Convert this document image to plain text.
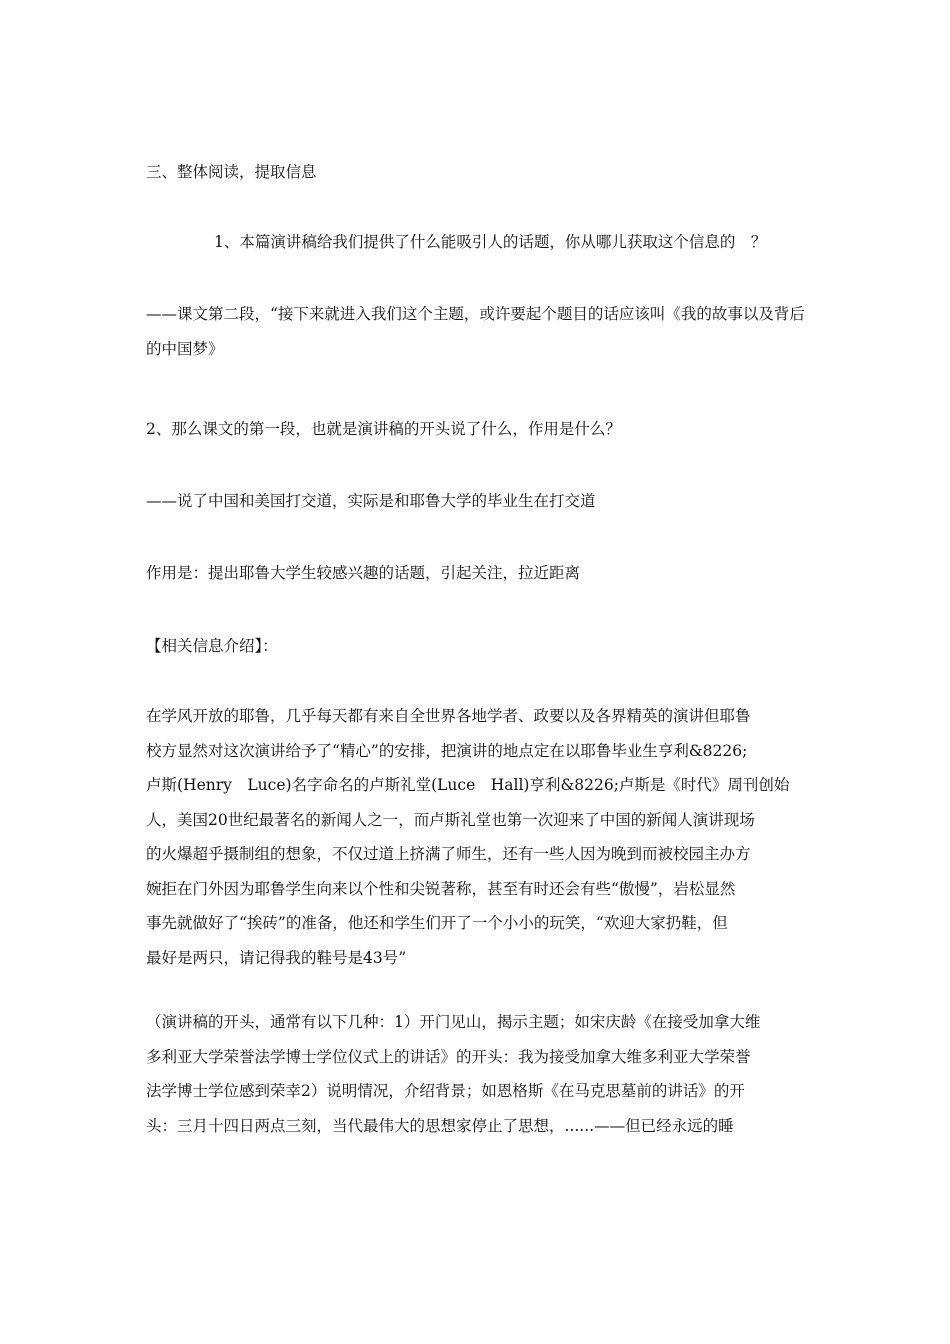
三、整体阅读，提取信息

1、本篇演讲稿给我们提供了什么能吸引人的话题，你从哪儿获取这个信息的　？

——课文第二段，“接下来就进入我们这个主题，或许要起个题目的话应该叫《我的故事以及背后的中国梦》

2、那么课文的第一段，也就是演讲稿的开头说了什么，作用是什么？

——说了中国和美国打交道，实际是和耶鲁大学的毕业生在打交道

作用是：提出耶鲁大学生较感兴趣的话题，引起关注，拉近距离

【相关信息介绍】：

在学风开放的耶鲁，几乎每天都有来自全世界各地学者、政要以及各界精英的演讲但耶鲁

校方显然对这次演讲给予了“精心”的安排，把演讲的地点定在以耶鲁毕业生亨利&8226;

卢斯(Henry　Luce)名字命名的卢斯礼堂(Luce　Hall)亨利&8226;卢斯是《时代》周刊创始

人，美国20世纪最著名的新闻人之一，而卢斯礼堂也第一次迎来了中国的新闻人演讲现场

的火爆超乎摄制组的想象，不仅过道上挤满了师生，还有一些人因为晚到而被校园主办方

婉拒在门外因为耶鲁学生向来以个性和尖锐著称，甚至有时还会有些“傲慢”，岩松显然

事先就做好了“挨砖”的准备，他还和学生们开了一个小小的玩笑，“欢迎大家扔鞋，但

最好是两只，请记得我的鞋号是43号”

（演讲稿的开头，通常有以下几种：1）开门见山，揭示主题；如宋庆龄《在接受加拿大维

多利亚大学荣誉法学博士学位仪式上的讲话》的开头：我为接受加拿大维多利亚大学荣誉

法学博士学位感到荣幸2）说明情况，介绍背景；如恩格斯《在马克思墓前的讲话》的开

头：三月十四日两点三刻，当代最伟大的思想家停止了思想，......——但已经永远的睡
